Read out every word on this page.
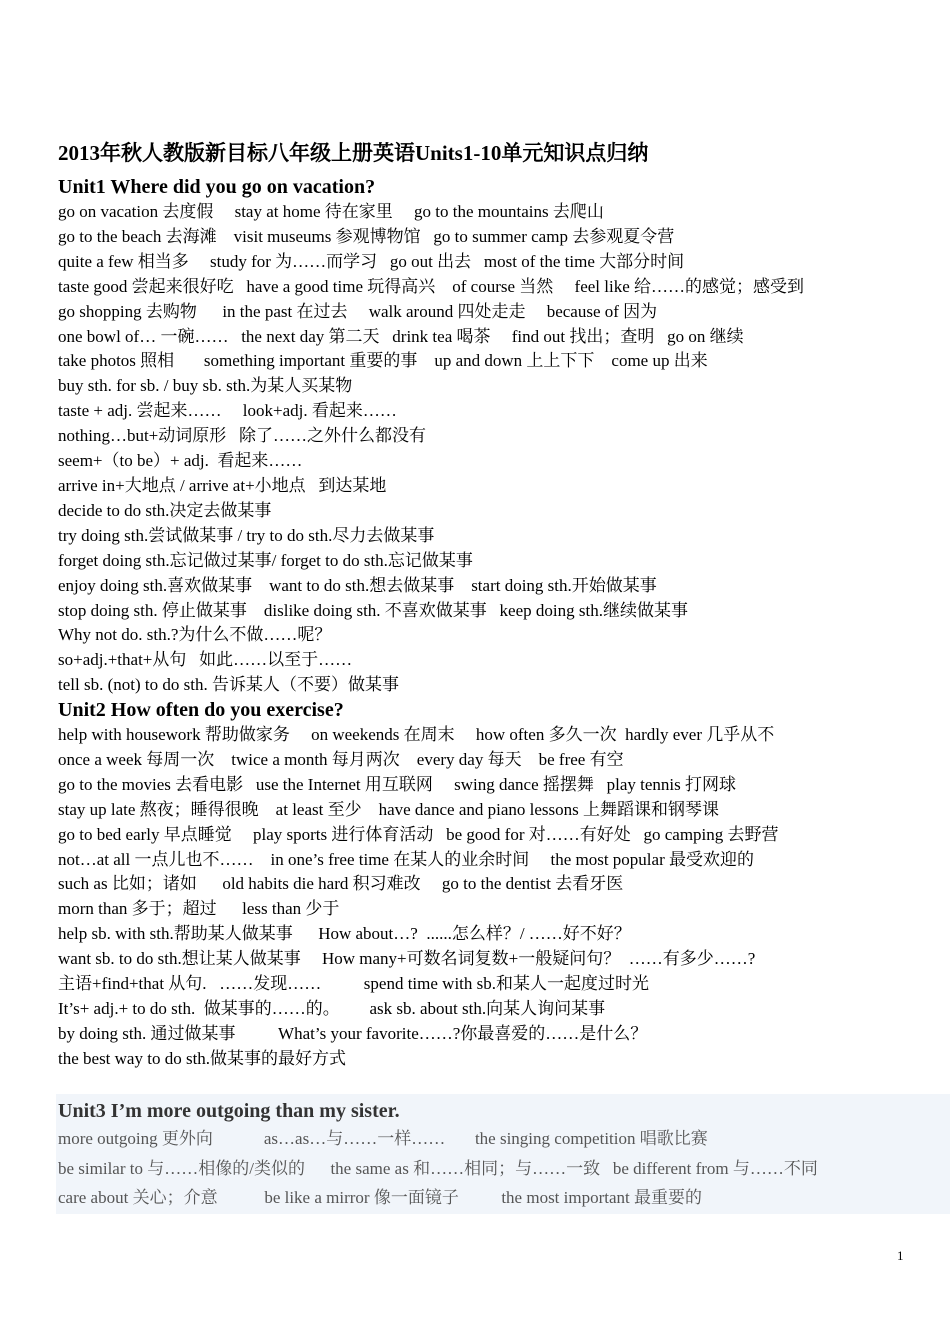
2013年秋人教版新目标八年级上册英语Units1-10单元知识点归纳
Unit1 Where did you go on vacation?

go on vacation 去度假     stay at home 待在家里     go to the mountains 去爬山

go to the beach 去海滩    visit museums 参观博物馆   go to summer camp 去参观夏令营

quite a few 相当多     study for 为……而学习   go out 出去   most of the time 大部分时间

taste good 尝起来很好吃   have a good time 玩得高兴    of course 当然     feel like 给……的感觉；感受到

go shopping 去购物      in the past 在过去     walk around 四处走走     because of 因为

one bowl of… 一碗……   the next day 第二天   drink tea 喝茶     find out 找出；查明   go on 继续

take photos 照相       something important 重要的事    up and down 上上下下    come up 出来

buy sth. for sb. / buy sb. sth.为某人买某物

taste + adj. 尝起来……     look+adj. 看起来……

nothing…but+动词原形   除了……之外什么都没有

seem+（to be）+ adj.  看起来……

arrive in+大地点 / arrive at+小地点   到达某地

decide to do sth.决定去做某事

try doing sth.尝试做某事 / try to do sth.尽力去做某事

forget doing sth.忘记做过某事/ forget to do sth.忘记做某事

enjoy doing sth.喜欢做某事    want to do sth.想去做某事    start doing sth.开始做某事

stop doing sth. 停止做某事    dislike doing sth. 不喜欢做某事   keep doing sth.继续做某事

Why not do. sth.?为什么不做……呢？

so+adj.+that+从句   如此……以至于……

tell sb. (not) to do sth. 告诉某人（不要）做某事

Unit2 How often do you exercise?

help with housework 帮助做家务     on weekends 在周末     how often 多久一次  hardly ever 几乎从不

once a week 每周一次    twice a month 每月两次    every day 每天    be free 有空

go to the movies 去看电影   use the Internet 用互联网     swing dance 摇摆舞   play tennis 打网球

stay up late 熬夜；睡得很晚    at least 至少    have dance and piano lessons 上舞蹈课和钢琴课

go to bed early 早点睡觉     play sports 进行体育活动   be good for 对……有好处   go camping 去野营

not…at all 一点儿也不……    in one’s free time 在某人的业余时间     the most popular 最受欢迎的

such as 比如；诸如      old habits die hard 积习难改     go to the dentist 去看牙医

morn than 多于；超过      less than 少于

help sb. with sth.帮助某人做某事      How about…?  ......怎么样？/ ……好不好？

want sb. to do sth.想让某人做某事     How many+可数名词复数+一般疑问句？  ……有多少……?

主语+find+that 从句.   ……发现……          spend time with sb.和某人一起度过时光

It’s+ adj.+ to do sth.  做某事的……的。       ask sb. about sth.向某人询问某事

by doing sth. 通过做某事          What’s your favorite……?你最喜爱的……是什么？

the best way to do sth.做某事的最好方式

Unit3 I’m more outgoing than my sister.

more outgoing 更外向            as…as…与……一样……       the singing competition 唱歌比赛

be similar to 与……相像的/类似的      the same as 和……相同；与……一致   be different from 与……不同

care about 关心；介意           be like a mirror 像一面镜子          the most important 最重要的

1
